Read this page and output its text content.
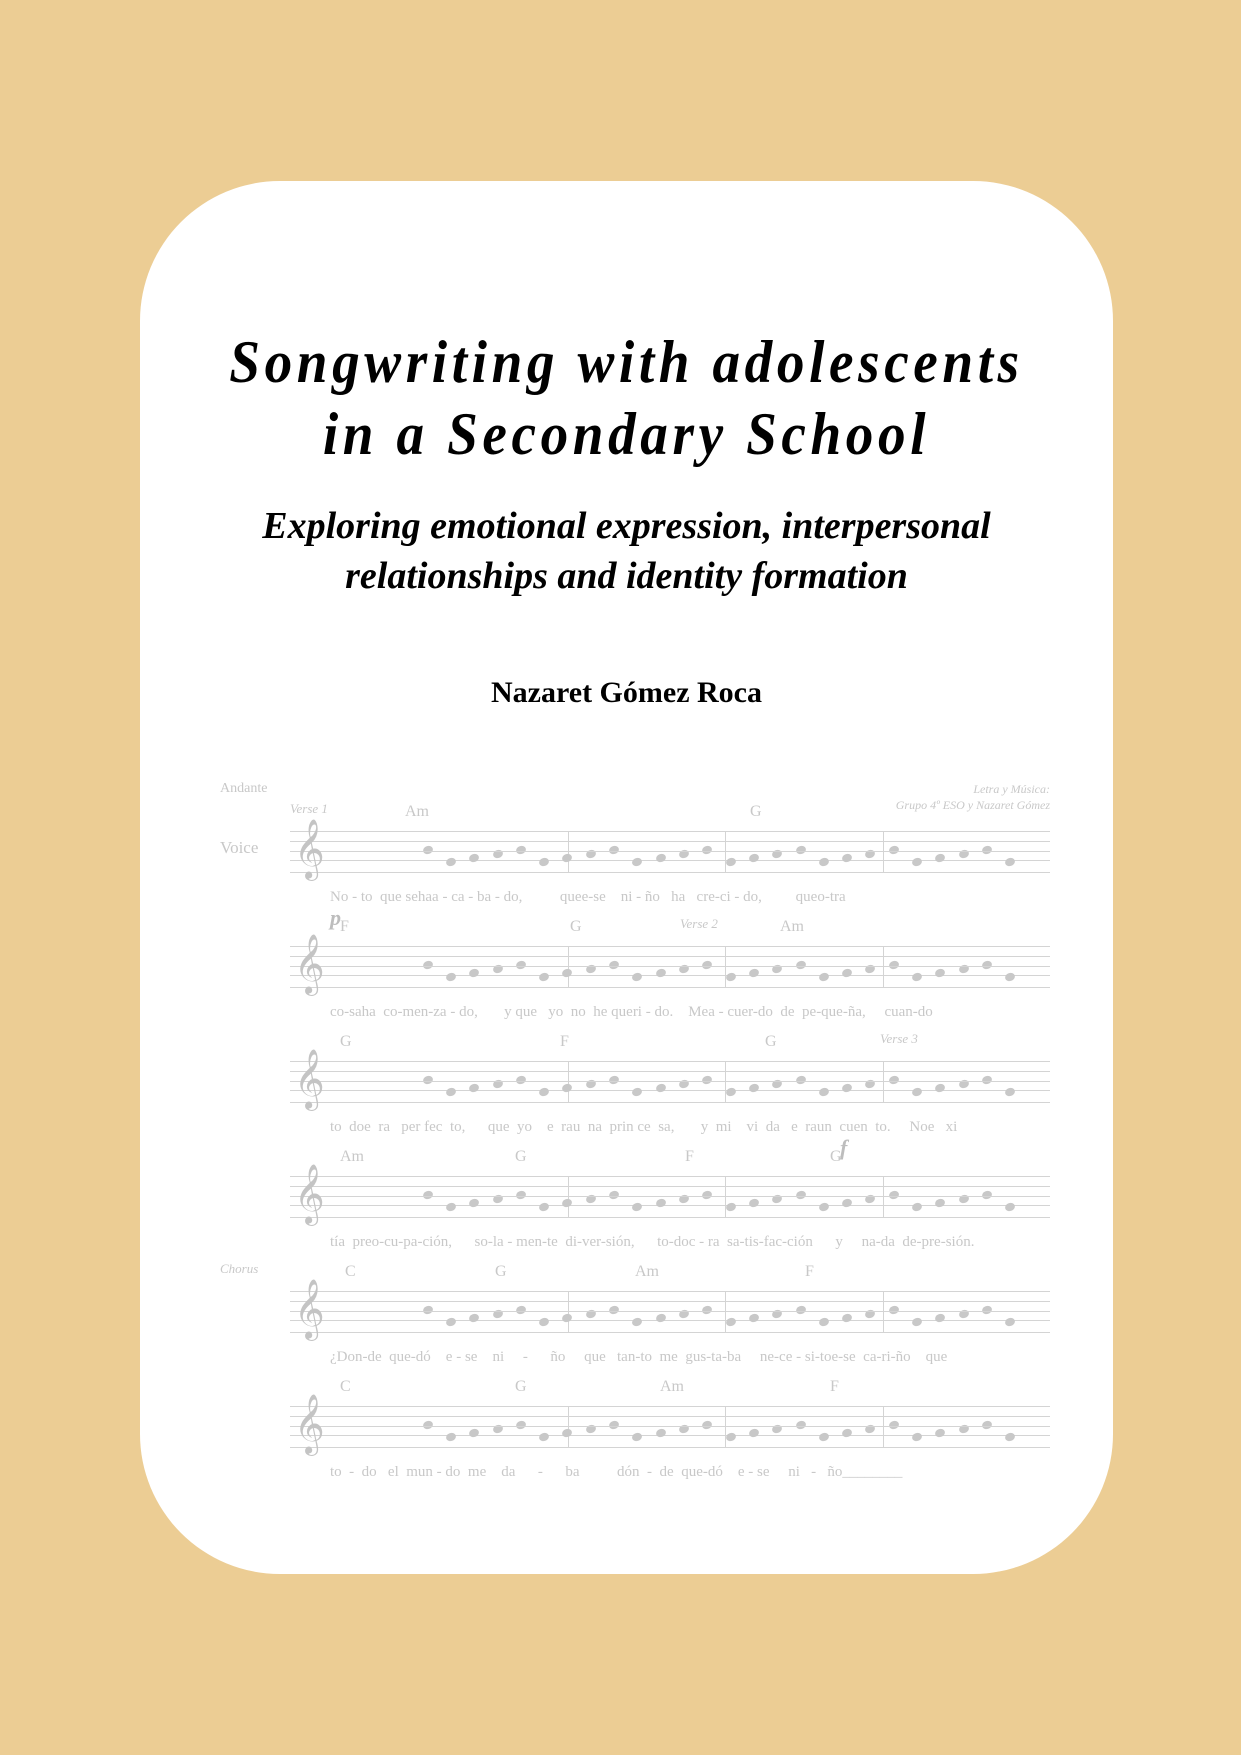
Songwriting with adolescents
in a Secondary School
Exploring emotional expression, interpersonal
relationships and identity formation
Nazaret Gómez Roca
Andante	Letra y Música:
Grupo 4º ESO y Nazaret Gómez
Voice
Verse 1	Am	G
𝄞
No - to  que sehaa - ca - ba - do,          quee-se    ni - ño   ha   cre-ci - do,         queo-tra
p	Verse 2
F	G	Am
𝄞
co-saha  co-men-za - do,       y que   yo  no  he queri - do.    Mea - cuer-do  de  pe-que-ña,     cuan-do
Verse 3
G	F	G
𝄞
to  doe  ra   per fec  to,      que  yo    e  rau  na  prin ce  sa,       y  mi    vi  da   e  raun  cuen  to.     Noe   xi
f
Am	G	F	G
𝄞
tía  preo-cu-pa-ción,      so-la - men-te  di-ver-sión,      to-doc - ra  sa-tis-fac-ción      y     na-da  de-pre-sión.
Chorus	C	G	Am	F
𝄞
¿Don-de  que-dó    e - se    ni     -      ño     que   tan-to  me  gus-ta-ba     ne-ce - si-toe-se  ca-ri-ño    que
C	G	Am	F
𝄞
to  -  do   el  mun - do  me    da      -      ba          dón  -  de  que-dó    e - se     ni   -   ño________
